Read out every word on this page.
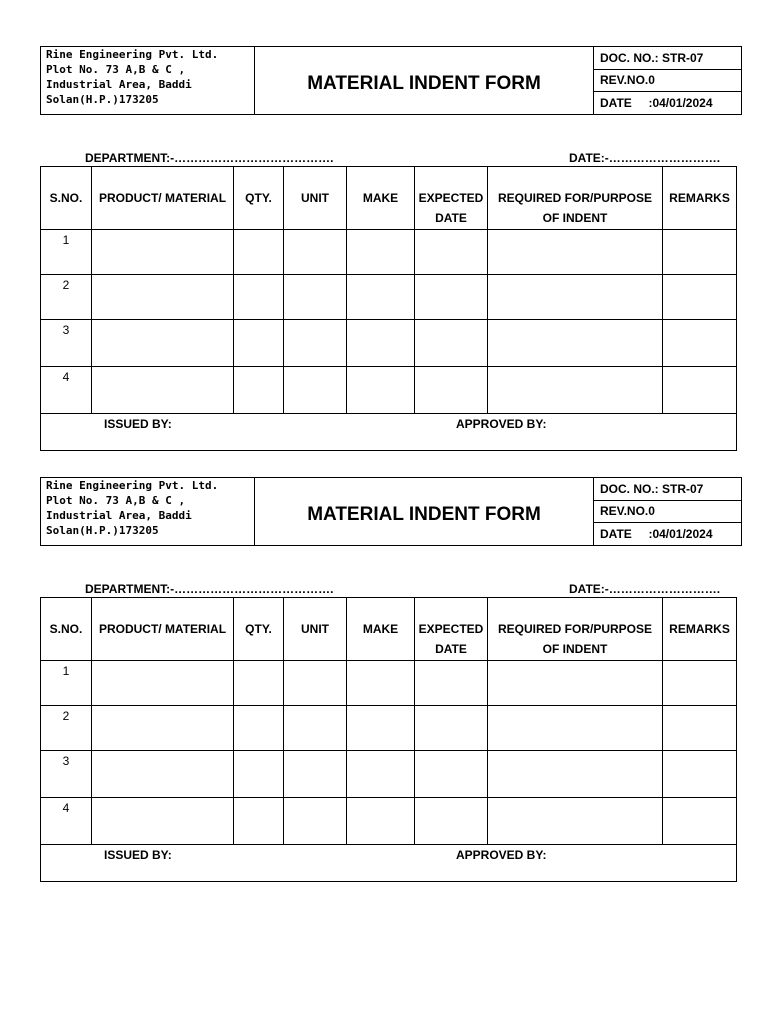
Rine Engineering Pvt. Ltd.
Plot No. 73 A,B & C ,
Industrial Area, Baddi
Solan(H.P.)173205
	MATERIAL INDENT FORM	DOC. NO.: STR-07
REV.NO.0
DATE     :04/01/2024
DEPARTMENT:-………………………………….	DATE:-……………………….
S.NO.	PRODUCT/ MATERIAL	QTY.	UNIT	MAKE	EXPECTED DATE	REQUIRED FOR/PURPOSE OF INDENT	REMARKS
1							
2							
3							
4							

ISSUED BY: APPROVED BY:							
Rine Engineering Pvt. Ltd.
Plot No. 73 A,B & C ,
Industrial Area, Baddi
Solan(H.P.)173205
	MATERIAL INDENT FORM	DOC. NO.: STR-07
REV.NO.0
DATE     :04/01/2024
DEPARTMENT:-………………………………….	DATE:-……………………….
S.NO.	PRODUCT/ MATERIAL	QTY.	UNIT	MAKE	EXPECTED DATE	REQUIRED FOR/PURPOSE OF INDENT	REMARKS
1							
2							
3							
4							

ISSUED BY: APPROVED BY:							
